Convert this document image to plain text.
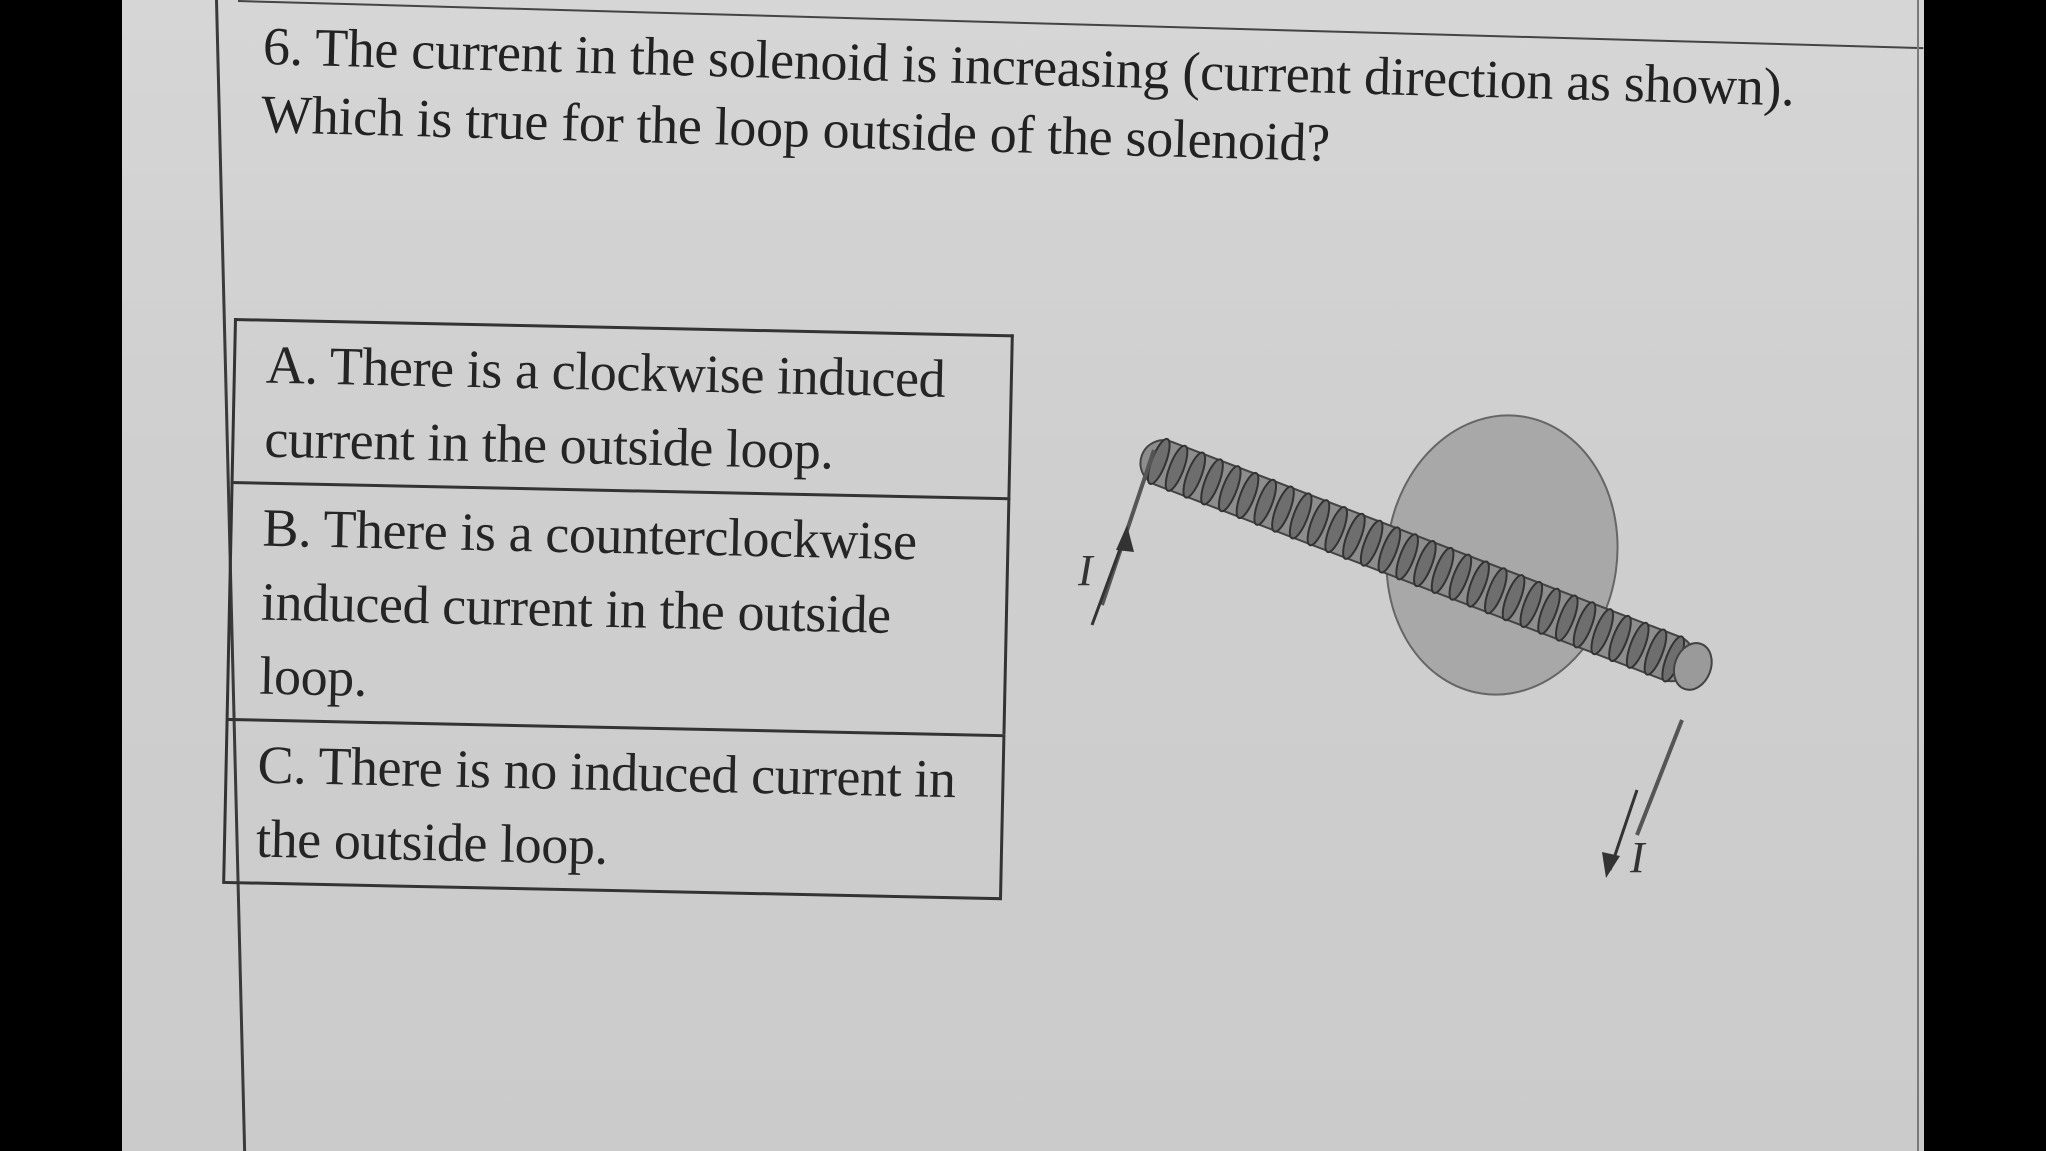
6. The current in the solenoid is increasing (current direction as shown). Which is true for the loop outside of the solenoid?
A. There is a clockwise induced current in the outside loop.
B. There is a counterclockwise induced current in the outside loop.
C. There is no induced current in the outside loop.
I
I
